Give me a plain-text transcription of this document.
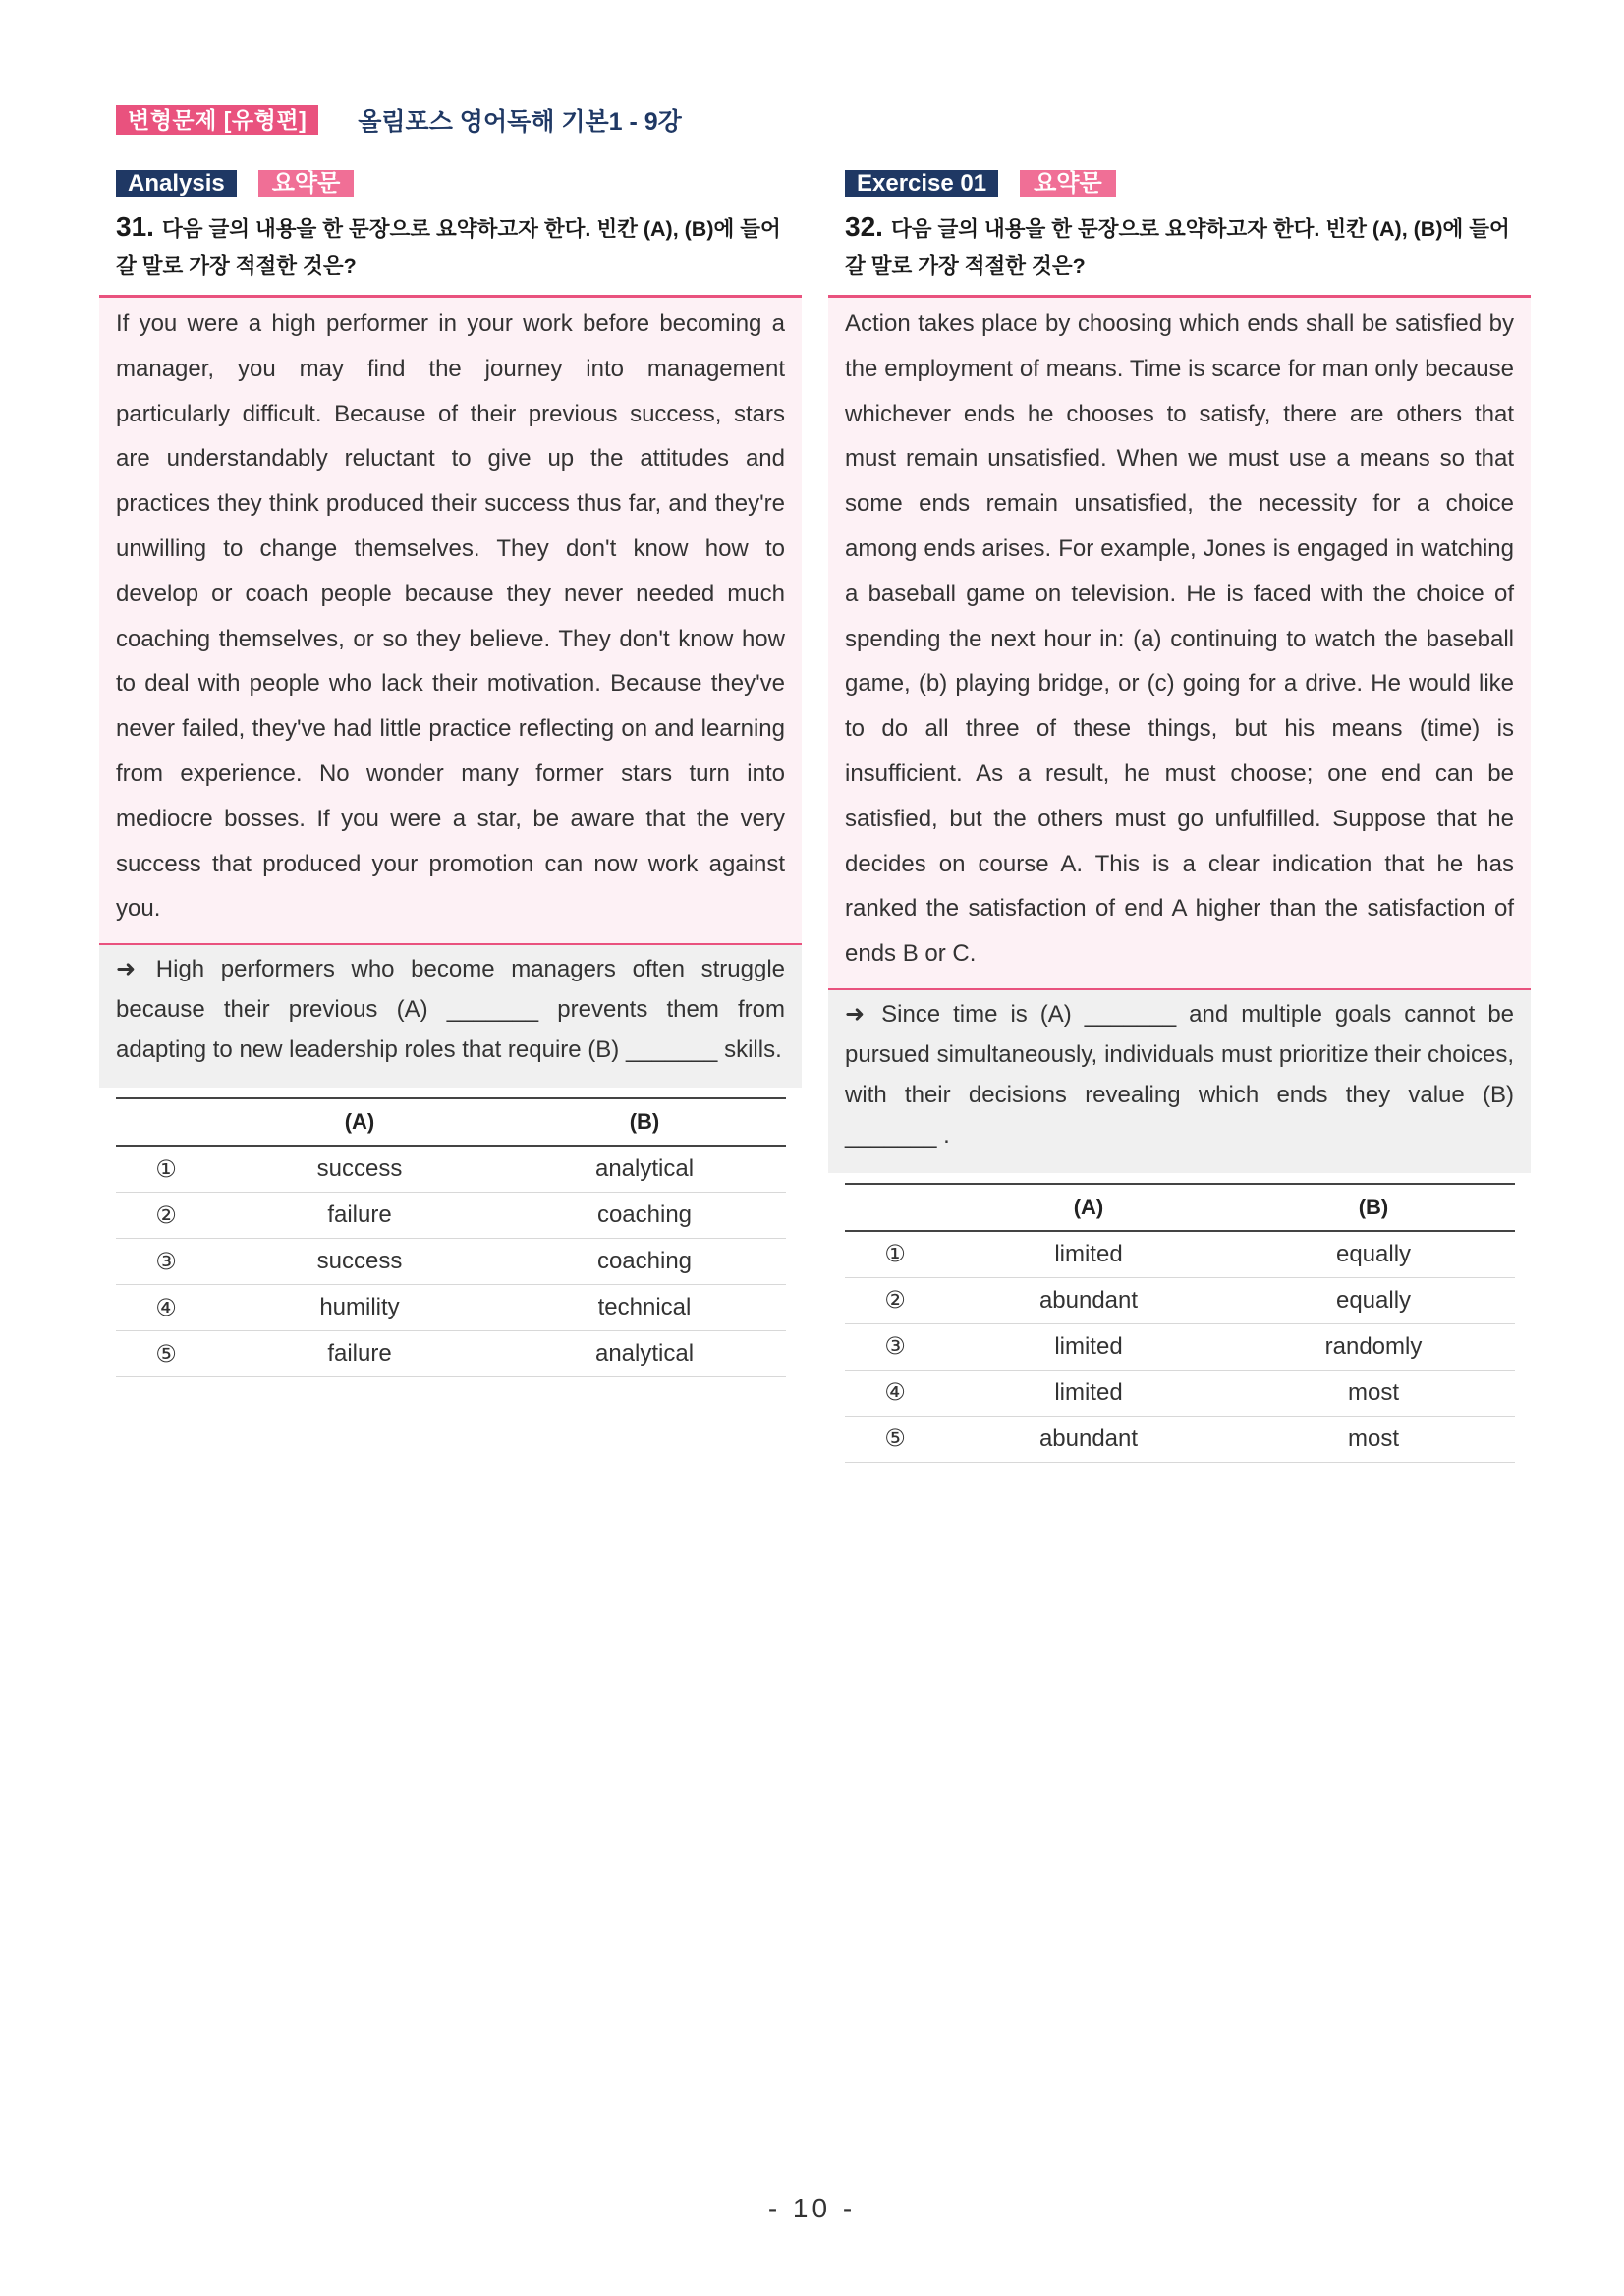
변형문제 [유형편]	올림포스 영어독해 기본1 - 9강
Analysis	요약문
31. 다음 글의 내용을 한 문장으로 요약하고자 한다. 빈칸 (A), (B)에 들어갈 말로 가장 적절한 것은?
If you were a high performer in your work before becoming a manager, you may find the journey into management particularly difficult. Because of their previous success, stars are understandably reluctant to give up the attitudes and practices they think produced their success thus far, and they're unwilling to change themselves. They don't know how to develop or coach people because they never needed much coaching themselves, or so they believe. They don't know how to deal with people who lack their motivation. Because they've never failed, they've had little practice reflecting on and learning from experience. No wonder many former stars turn into mediocre bosses. If you were a star, be aware that the very success that produced your promotion can now work against you.
➜ High performers who become managers often struggle because their previous (A) _______ prevents them from adapting to new leadership roles that require (B) _______ skills.
	(A)	(B)
①	success	analytical
②	failure	coaching
③	success	coaching
④	humility	technical
⑤	failure	analytical
Exercise 01	요약문
32. 다음 글의 내용을 한 문장으로 요약하고자 한다. 빈칸 (A), (B)에 들어갈 말로 가장 적절한 것은?
Action takes place by choosing which ends shall be satisfied by the employment of means. Time is scarce for man only because whichever ends he chooses to satisfy, there are others that must remain unsatisfied. When we must use a means so that some ends remain unsatisfied, the necessity for a choice among ends arises. For example, Jones is engaged in watching a baseball game on television. He is faced with the choice of spending the next hour in: (a) continuing to watch the baseball game, (b) playing bridge, or (c) going for a drive. He would like to do all three of these things, but his means (time) is insufficient. As a result, he must choose; one end can be satisfied, but the others must go unfulfilled. Suppose that he decides on course A. This is a clear indication that he has ranked the satisfaction of end A higher than the satisfaction of ends B or C.
➜ Since time is (A) _______ and multiple goals cannot be pursued simultaneously, individuals must prioritize their choices, with their decisions revealing which ends they value (B) _______ .
	(A)	(B)
①	limited	equally
②	abundant	equally
③	limited	randomly
④	limited	most
⑤	abundant	most
- 10 -
